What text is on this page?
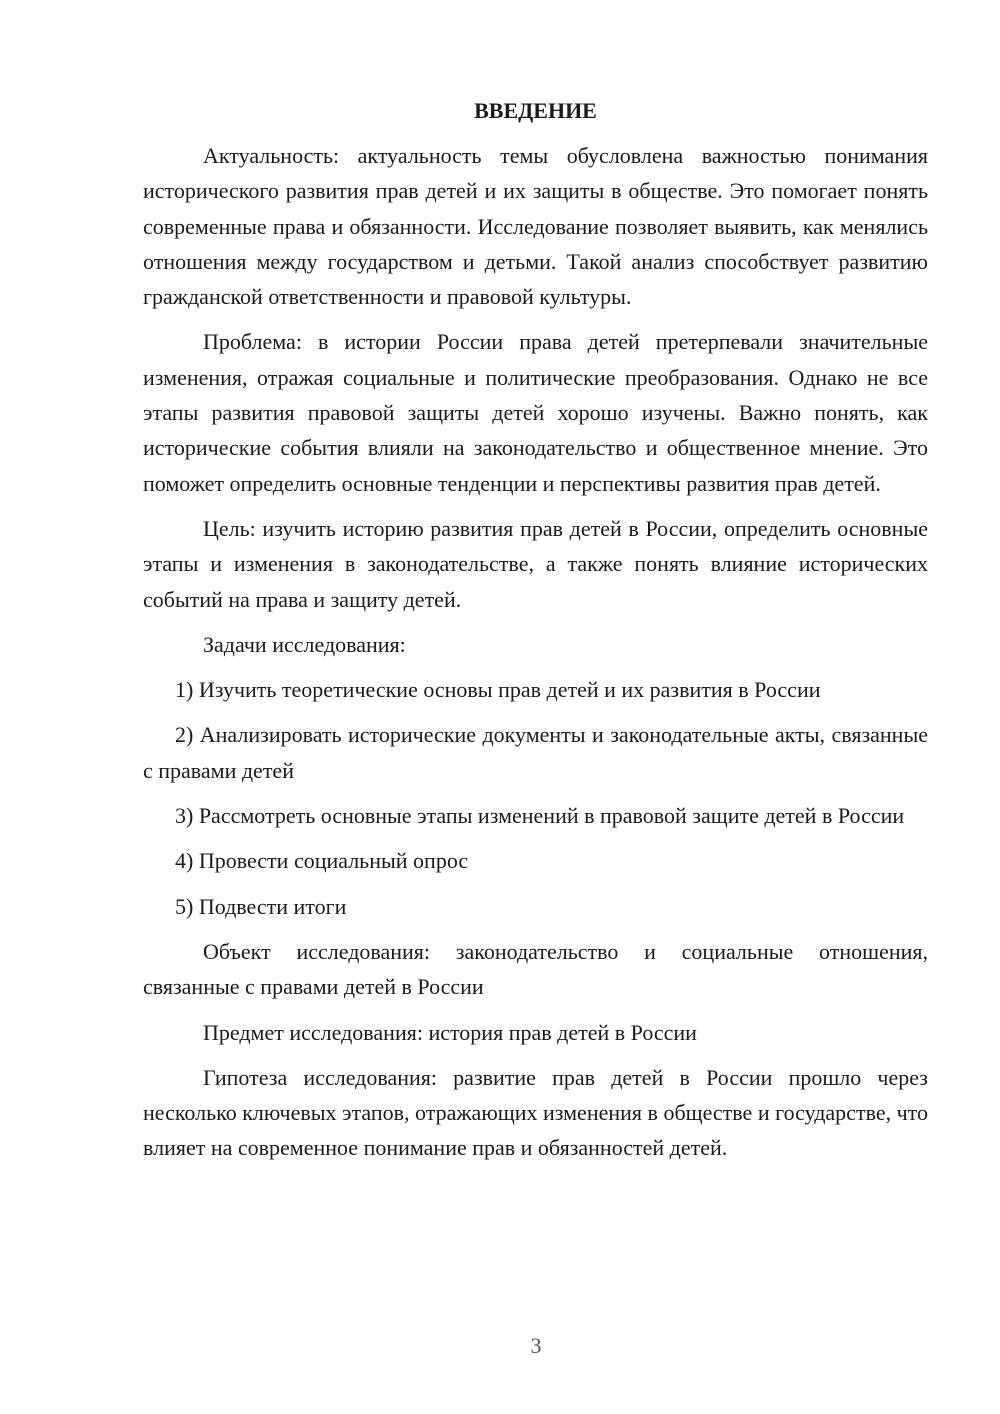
ВВЕДЕНИЕ

Актуальность: актуальность темы обусловлена важностью понимания исторического развития прав детей и их защиты в обществе. Это помогает понять современные права и обязанности. Исследование позволяет выявить, как менялись отношения между государством и детьми. Такой анализ способствует развитию гражданской ответственности и правовой культуры.

Проблема: в истории России права детей претерпевали значительные изменения, отражая социальные и политические преобразования. Однако не все этапы развития правовой защиты детей хорошо изучены. Важно понять, как исторические события влияли на законодательство и общественное мнение. Это поможет определить основные тенденции и перспективы развития прав детей.

Цель: изучить историю развития прав детей в России, определить основные этапы и изменения в законодательстве, а также понять влияние исторических событий на права и защиту детей.

Задачи исследования:

1) Изучить теоретические основы прав детей и их развития в России

2) Анализировать исторические документы и законодательные акты, связанные с правами детей

3) Рассмотреть основные этапы изменений в правовой защите детей в России

4) Провести социальный опрос

5) Подвести итоги

Объект исследования: законодательство и социальные отношения, связанные с правами детей в России

Предмет исследования: история прав детей в России

Гипотеза исследования: развитие прав детей в России прошло через несколько ключевых этапов, отражающих изменения в обществе и государстве, что влияет на современное понимание прав и обязанностей детей.

3
